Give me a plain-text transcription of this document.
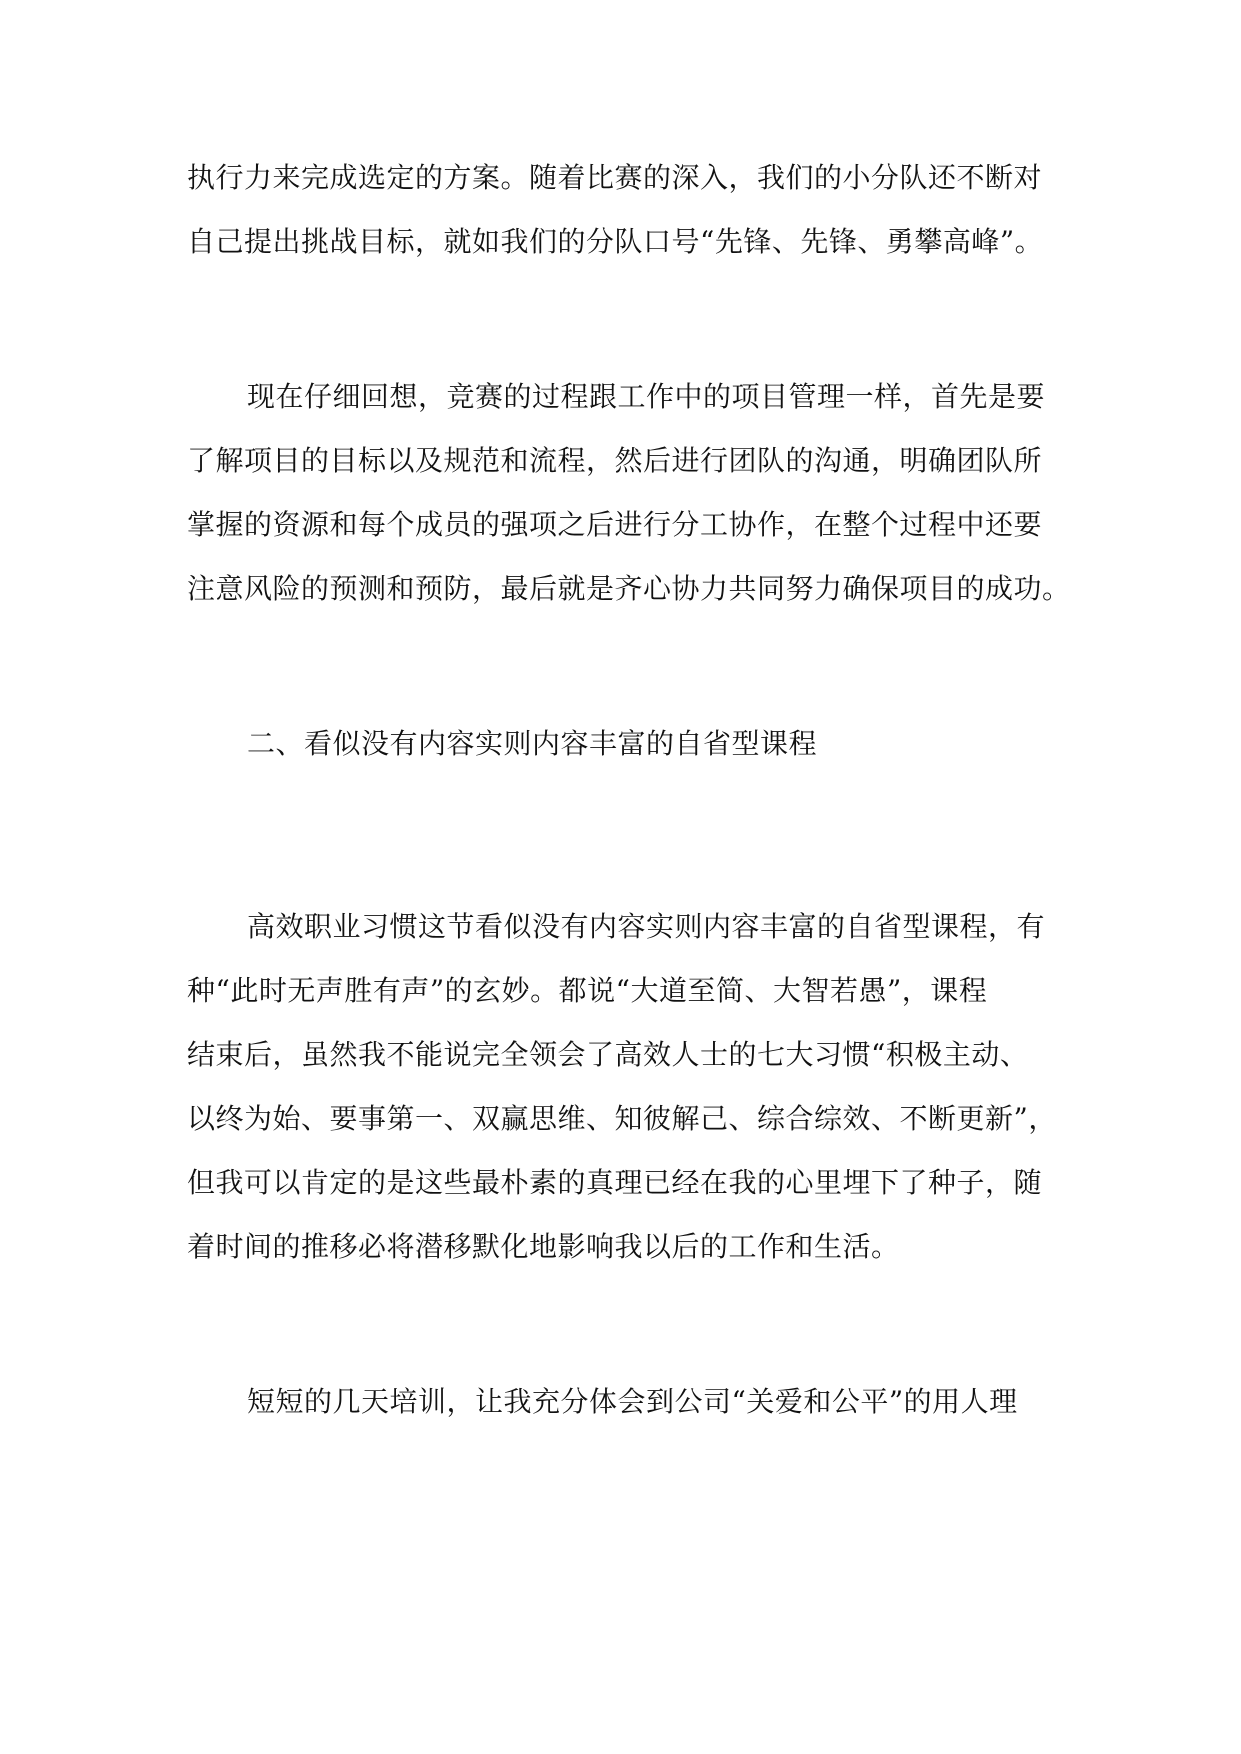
执行力来完成选定的方案。随着比赛的深入，我们的小分队还不断对
自己提出挑战目标，就如我们的分队口号“先锋、先锋、勇攀高峰”。
现在仔细回想，竞赛的过程跟工作中的项目管理一样，首先是要
了解项目的目标以及规范和流程，然后进行团队的沟通，明确团队所
掌握的资源和每个成员的强项之后进行分工协作，在整个过程中还要
注意风险的预测和预防，最后就是齐心协力共同努力确保项目的成功。
二、看似没有内容实则内容丰富的自省型课程
高效职业习惯这节看似没有内容实则内容丰富的自省型课程，有
种“此时无声胜有声”的玄妙。都说“大道至简、大智若愚”，课程
结束后，虽然我不能说完全领会了高效人士的七大习惯“积极主动、
以终为始、要事第一、双赢思维、知彼解己、综合综效、不断更新”，
但我可以肯定的是这些最朴素的真理已经在我的心里埋下了种子，随
着时间的推移必将潜移默化地影响我以后的工作和生活。
短短的几天培训，让我充分体会到公司“关爱和公平”的用人理
